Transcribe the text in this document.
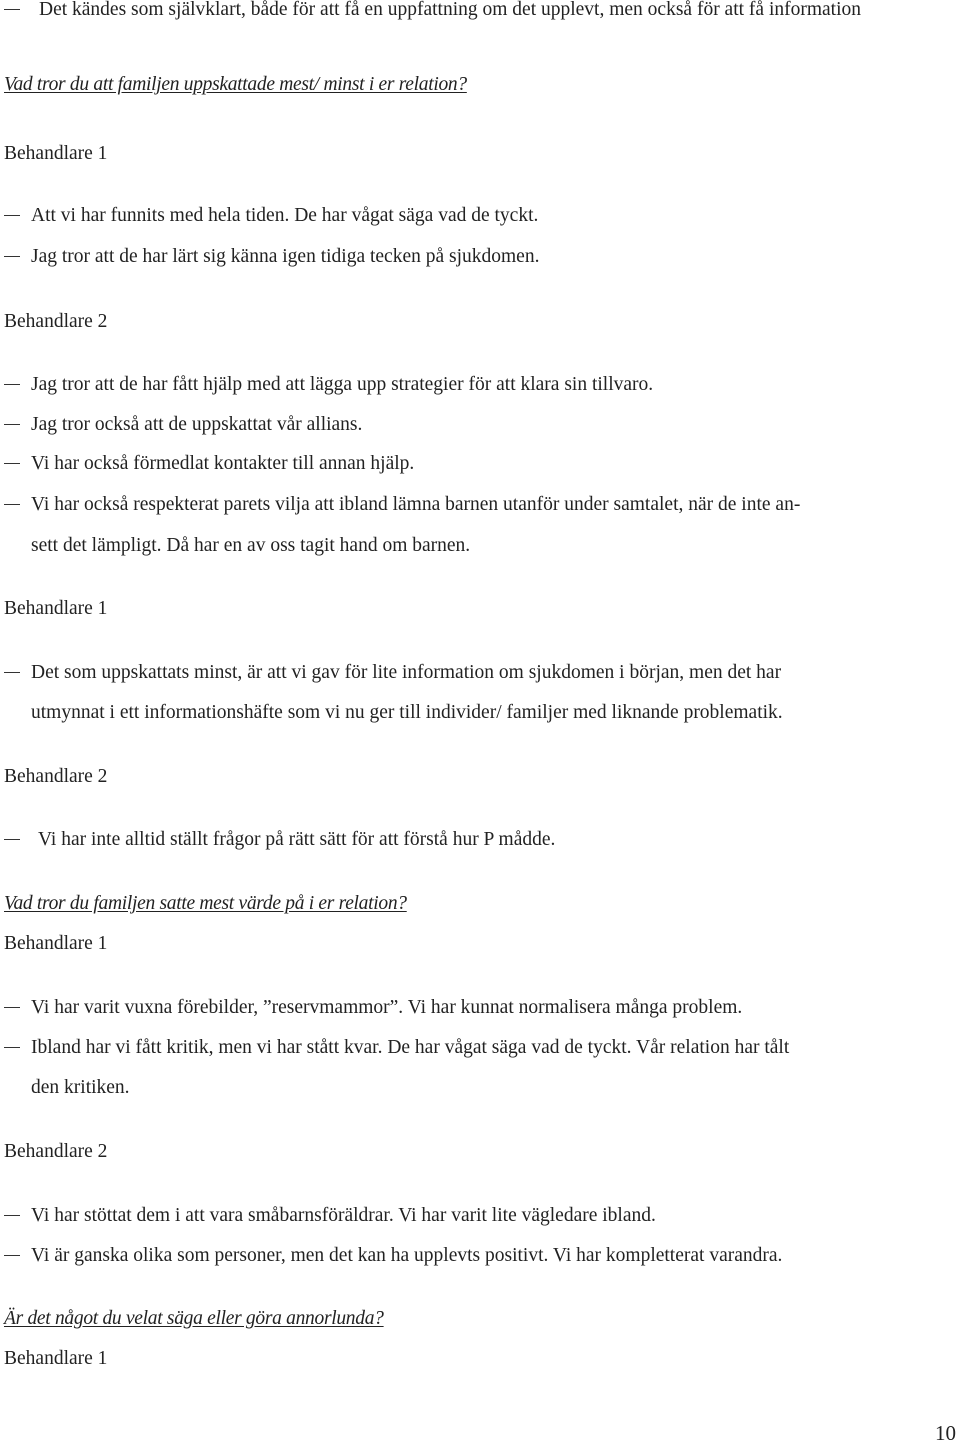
Det kändes som självklart, både för att få en uppfattning om det upplevt, men också för att få information

Vad tror du att familjen uppskattade mest/ minst i er relation?

Behandlare 1

Att vi har funnits med hela tiden. De har vågat säga vad de tyckt.
Jag tror att de har lärt sig känna igen tidiga tecken på sjukdomen.

Behandlare 2

Jag tror att de har fått hjälp med att lägga upp strategier för att klara sin tillvaro.
Jag tror också att de uppskattat vår allians.
Vi har också förmedlat kontakter till annan hjälp.
Vi har också respekterat parets vilja att ibland lämna barnen utanför under samtalet, när de inte an-
sett det lämpligt. Då har en av oss tagit hand om barnen.

Behandlare 1

Det som uppskattats minst, är att vi gav för lite information om sjukdomen i början, men det har
utmynnat i ett informationshäfte som vi nu ger till individer/ familjer med liknande problematik.

Behandlare 2

Vi har inte alltid ställt frågor på rätt sätt för att förstå hur P mådde.

Vad tror du familjen satte mest värde på i er relation?

Behandlare 1

Vi har varit vuxna förebilder, ”reservmammor”. Vi har kunnat normalisera många problem.
Ibland har vi fått kritik, men vi har stått kvar. De har vågat säga vad de tyckt. Vår relation har tålt
den kritiken.

Behandlare 2

Vi har stöttat dem i att vara småbarnsföräldrar. Vi har varit lite vägledare ibland.
Vi är ganska olika som personer, men det kan ha upplevts positivt. Vi har kompletterat varandra.

Är det något du velat säga eller göra annorlunda?

Behandlare 1

10
